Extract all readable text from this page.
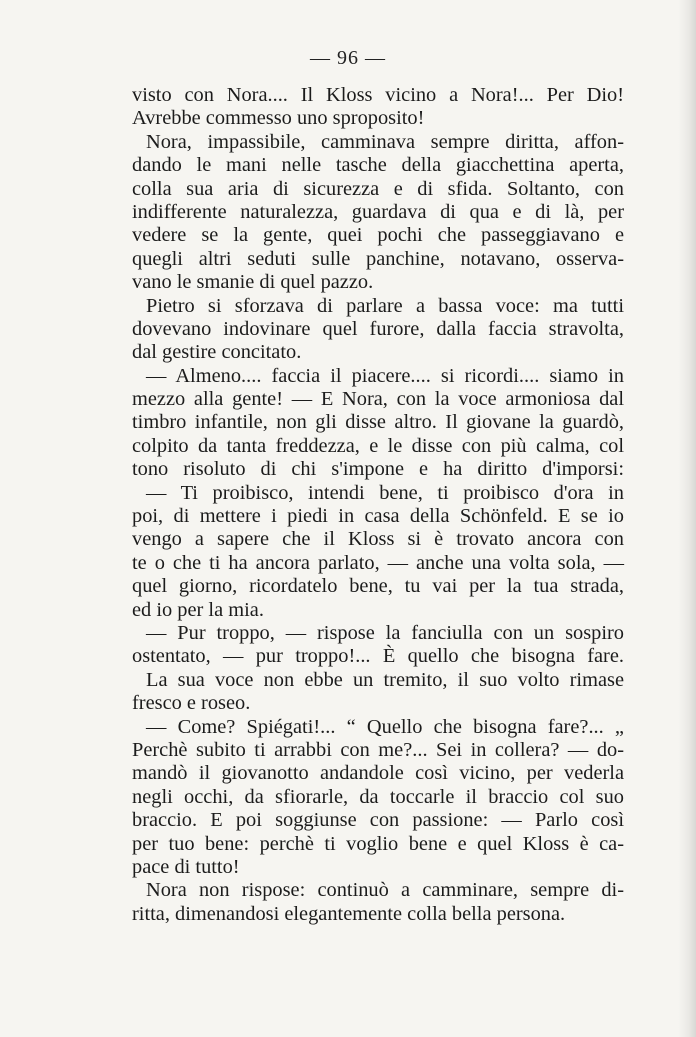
— 96 —
visto con Nora.... Il Kloss vicino a Nora!... Per Dio!
Avrebbe commesso uno sproposito!
Nora, impassibile, camminava sempre diritta, affon-
dando le mani nelle tasche della giacchettina aperta,
colla sua aria di sicurezza e di sfida. Soltanto, con
indifferente naturalezza, guardava di qua e di là, per
vedere se la gente, quei pochi che passeggiavano e
quegli altri seduti sulle panchine, notavano, osserva-
vano le smanie di quel pazzo.
Pietro si sforzava di parlare a bassa voce: ma tutti
dovevano indovinare quel furore, dalla faccia stravolta,
dal gestire concitato.
— Almeno.... faccia il piacere.... si ricordi.... siamo in
mezzo alla gente! — E Nora, con la voce armoniosa dal
timbro infantile, non gli disse altro. Il giovane la guardò,
colpito da tanta freddezza, e le disse con più calma, col
tono risoluto di chi s'impone e ha diritto d'imporsi:
— Ti proibisco, intendi bene, ti proibisco d'ora in
poi, di mettere i piedi in casa della Schönfeld. E se io
vengo a sapere che il Kloss si è trovato ancora con
te o che ti ha ancora parlato, — anche una volta sola, —
quel giorno, ricordatelo bene, tu vai per la tua strada,
ed io per la mia.
— Pur troppo, — rispose la fanciulla con un sospiro
ostentato, — pur troppo!... È quello che bisogna fare.
La sua voce non ebbe un tremito, il suo volto rimase
fresco e roseo.
— Come? Spiégati!... “ Quello che bisogna fare?... „
Perchè subito ti arrabbi con me?... Sei in collera? — do-
mandò il giovanotto andandole così vicino, per vederla
negli occhi, da sfiorarle, da toccarle il braccio col suo
braccio. E poi soggiunse con passione: — Parlo così
per tuo bene: perchè ti voglio bene e quel Kloss è ca-
pace di tutto!
Nora non rispose: continuò a camminare, sempre di-
ritta, dimenandosi elegantemente colla bella persona.
